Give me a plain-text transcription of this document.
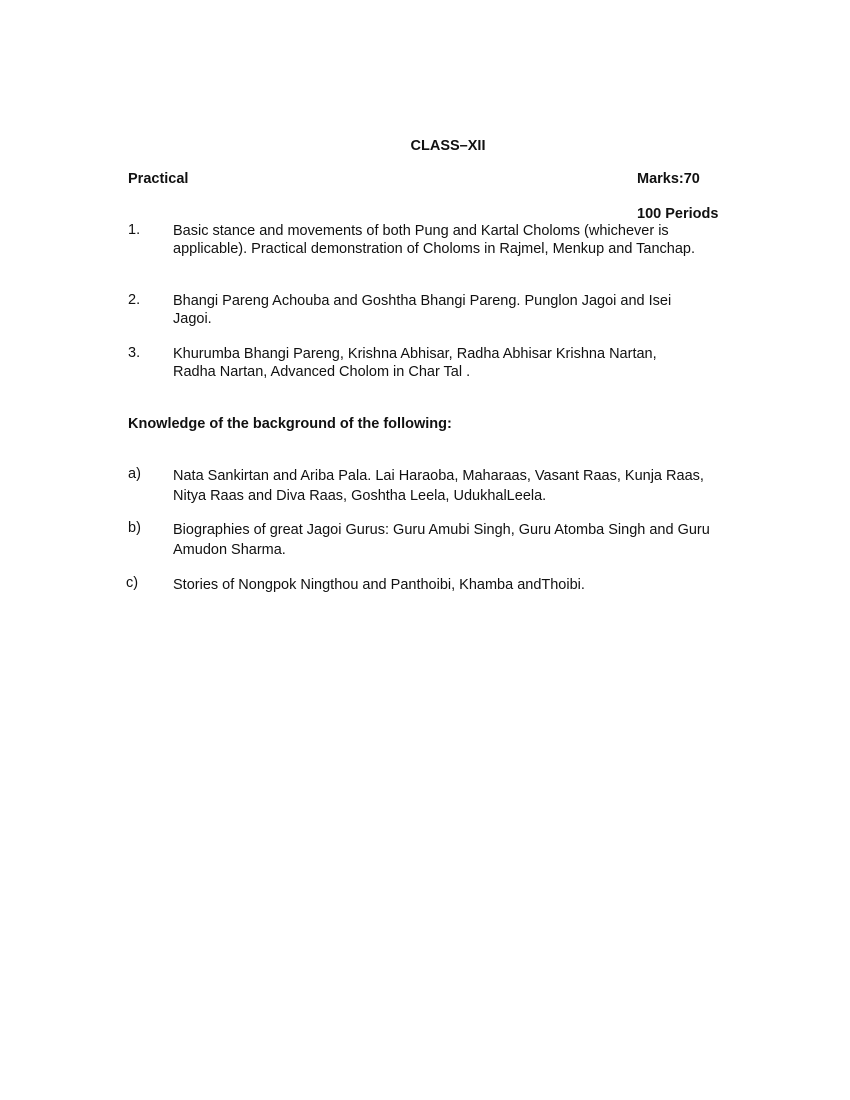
CLASS–XII
Practical	Marks:70
100 Periods
1. Basic stance and movements of both Pung and Kartal Choloms (whichever is applicable). Practical demonstration of Choloms in Rajmel, Menkup and Tanchap.
2. Bhangi Pareng Achouba and Goshtha Bhangi Pareng. Punglon Jagoi and Isei Jagoi.
3. Khurumba Bhangi Pareng, Krishna Abhisar, Radha Abhisar Krishna Nartan, Radha Nartan, Advanced Cholom in Char Tal .
Knowledge of the background of the following:
a) Nata Sankirtan and Ariba Pala. Lai Haraoba, Maharaas, Vasant Raas, Kunja Raas, Nitya Raas and Diva Raas, Goshtha Leela, UdukhalLeela.
b) Biographies of great Jagoi Gurus: Guru Amubi Singh, Guru Atomba Singh and Guru Amudon Sharma.
c) Stories of Nongpok Ningthou and Panthoibi, Khamba andThoibi.
